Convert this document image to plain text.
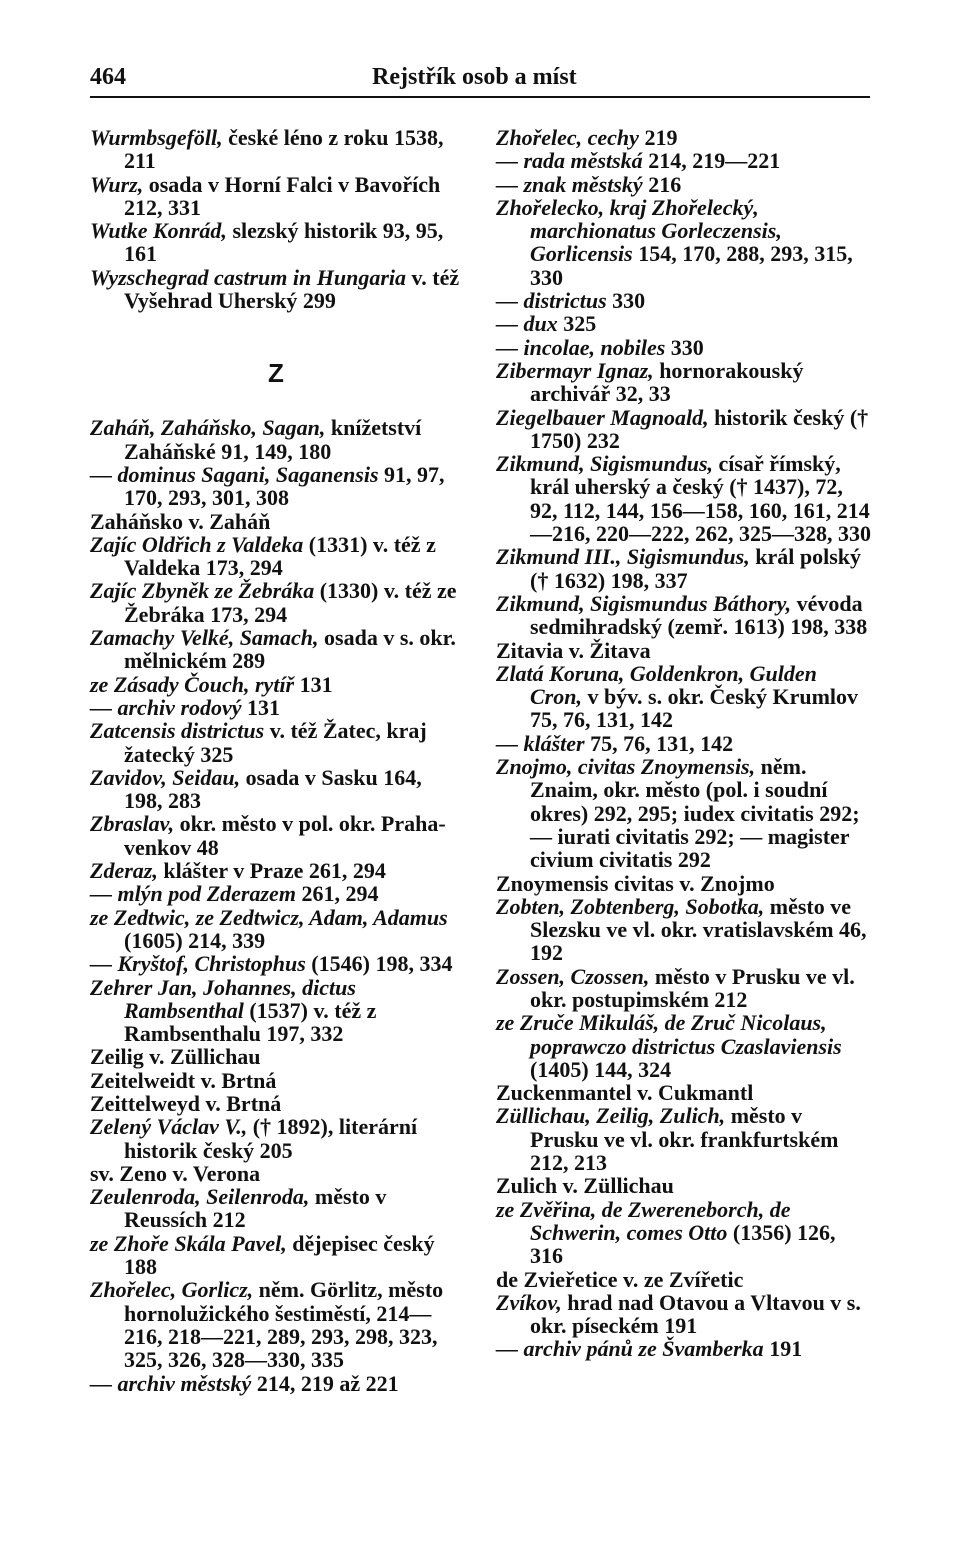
464	Rejstřík osob a míst

Wurmbsgeföll, české léno z roku 1538, 211

Wurz, osada v Horní Falci v Bavořích 212, 331

Wutke Konrád, slezský historik 93, 95, 161

Wyzschegrad castrum in Hungaria v. též Vyšehrad Uherský 299

Z

Zaháň, Zaháňsko, Sagan, knížetství Zaháňské 91, 149, 180

— dominus Sagani, Saganensis 91, 97, 170, 293, 301, 308

Zaháňsko v. Zaháň

Zajíc Oldřich z Valdeka (1331) v. též z Valdeka 173, 294

Zajíc Zbyněk ze Žebráka (1330) v. též ze Žebráka 173, 294

Zamachy Velké, Samach, osada v s. okr. mělnickém 289

ze Zásady Čouch, rytíř 131

— archiv rodový 131

Zatcensis districtus v. též Žatec, kraj žatecký 325

Zavidov, Seidau, osada v Sasku 164, 198, 283

Zbraslav, okr. město v pol. okr. Praha-venkov 48

Zderaz, klášter v Praze 261, 294

— mlýn pod Zderazem 261, 294

ze Zedtwic, ze Zedtwicz, Adam, Adamus (1605) 214, 339

— Kryštof, Christophus (1546) 198, 334

Zehrer Jan, Johannes, dictus Rambsenthal (1537) v. též z Rambsenthalu 197, 332

Zeilig v. Züllichau

Zeitelweidt v. Brtná

Zeittelweyd v. Brtná

Zelený Václav V., († 1892), literární historik český 205

sv. Zeno v. Verona

Zeulenroda, Seilenroda, město v Reussích 212

ze Zhoře Skála Pavel, dějepisec český 188

Zhořelec, Gorlicz, něm. Görlitz, město hornolužického šestiměstí, 214—216, 218—221, 289, 293, 298, 323, 325, 326, 328—330, 335

— archiv městský 214, 219 až 221

Zhořelec, cechy 219

— rada městská 214, 219—221

— znak městský 216

Zhořelecko, kraj Zhořelecký, marchionatus Gorleczensis, Gorlicensis 154, 170, 288, 293, 315, 330

— districtus 330

— dux 325

— incolae, nobiles 330

Zibermayr Ignaz, hornorakouský archivář 32, 33

Ziegelbauer Magnoald, historik český († 1750) 232

Zikmund, Sigismundus, císař římský, král uherský a český († 1437), 72, 92, 112, 144, 156—158, 160, 161, 214—216, 220—222, 262, 325—328, 330

Zikmund III., Sigismundus, král polský († 1632) 198, 337

Zikmund, Sigismundus Báthory, vévoda sedmihradský (zemř. 1613) 198, 338

Zitavia v. Žitava

Zlatá Koruna, Goldenkron, Gulden Cron, v býv. s. okr. Český Krumlov 75, 76, 131, 142

— klášter 75, 76, 131, 142

Znojmo, civitas Znoymensis, něm. Znaim, okr. město (pol. i soudní okres) 292, 295; iudex civitatis 292; — iurati civitatis 292; — magister civium civitatis 292

Znoymensis civitas v. Znojmo

Zobten, Zobtenberg, Sobotka, město ve Slezsku ve vl. okr. vratislavském 46, 192

Zossen, Czossen, město v Prusku ve vl. okr. postupimském 212

ze Zruče Mikuláš, de Zruč Nicolaus, poprawczo districtus Czaslaviensis (1405) 144, 324

Zuckenmantel v. Cukmantl

Züllichau, Zeilig, Zulich, město v Prusku ve vl. okr. frankfurtském 212, 213

Zulich v. Züllichau

ze Zvěřina, de Zwereneborch, de Schwerin, comes Otto (1356) 126, 316

de Zvieřetice v. ze Zvířetic

Zvíkov, hrad nad Otavou a Vltavou v s. okr. píseckém 191

— archiv pánů ze Švamberka 191
